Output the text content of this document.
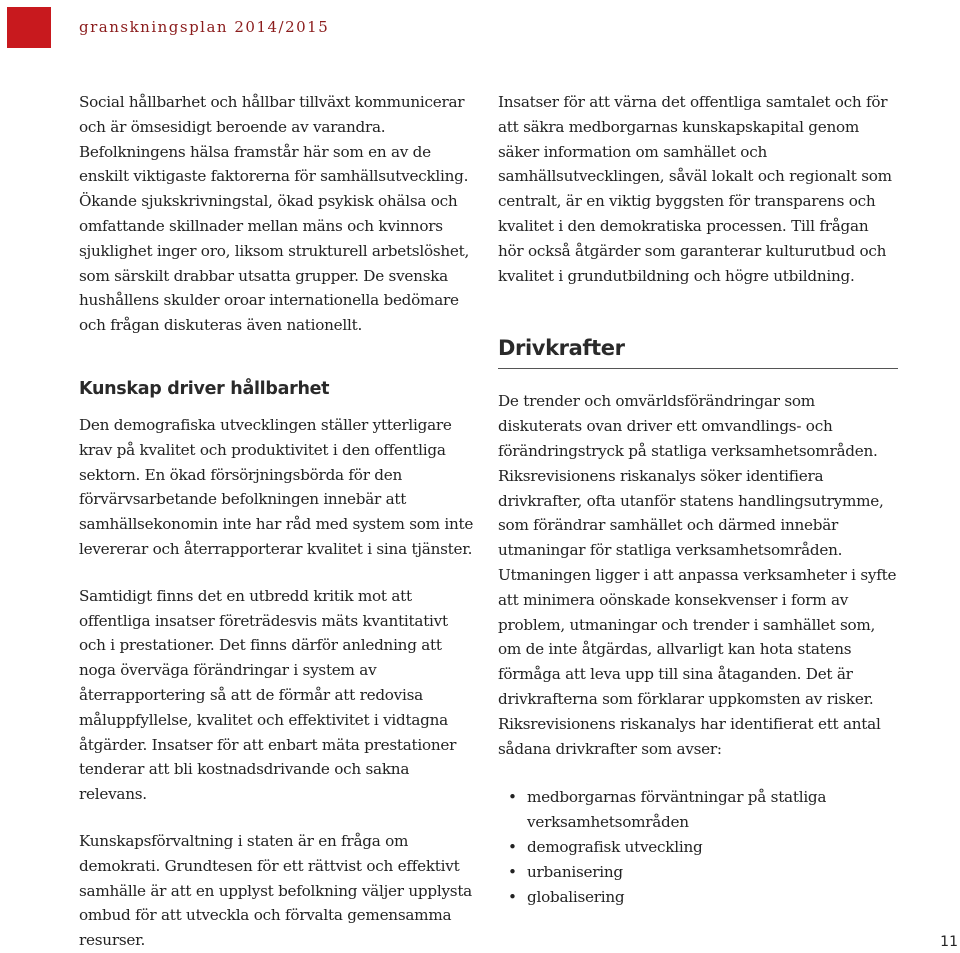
granskningsplan 2014/2015

Social hållbarhet och hållbar tillväxt kommunicerar och är ömsesidigt beroende av varandra. Befolkningens hälsa framstår här som en av de enskilt viktigaste faktorerna för samhällsutveckling. Ökande sjukskrivningstal, ökad psykisk ohälsa och omfattande skillnader mellan mäns och kvinnors sjuklighet inger oro, liksom strukturell arbetslöshet, som särskilt drabbar utsatta grupper. De svenska hushållens skulder oroar internationella bedömare och frågan diskuteras även nationellt.

Kunskap driver hållbarhet

Den demografiska utvecklingen ställer ytterligare krav på kvalitet och produktivitet i den offentliga sektorn. En ökad försörjningsbörda för den förvärvsarbetande befolkningen innebär att samhällsekonomin inte har råd med system som inte levererar och återrapporterar kvalitet i sina tjänster.

Samtidigt finns det en utbredd kritik mot att offentliga insatser företrädesvis mäts kvantitativt och i prestationer. Det finns därför anledning att noga överväga förändringar i system av återrapportering så att de förmår att redovisa måluppfyllelse, kvalitet och effektivitet i vidtagna åtgärder. Insatser för att enbart mäta prestationer tenderar att bli kostnadsdrivande och sakna relevans.

Kunskapsförvaltning i staten är en fråga om demokrati. Grundtesen för ett rättvist och effektivt samhälle är att en upplyst befolkning väljer upplysta ombud för att utveckla och förvalta gemensamma resurser.

Insatser för att värna det offentliga samtalet och för att säkra medborgarnas kunskapskapital genom säker information om samhället och samhällsutvecklingen, såväl lokalt och regionalt som centralt, är en viktig byggsten för transparens och kvalitet i den demokratiska processen. Till frågan hör också åtgärder som garanterar kulturutbud och kvalitet i grundutbildning och högre utbildning.

Drivkrafter

De trender och omvärldsförändringar som diskuterats ovan driver ett omvandlings- och förändringstryck på statliga verksamhetsområden. Riksrevisionens riskanalys söker identifiera drivkrafter, ofta utanför statens handlingsutrymme, som förändrar samhället och därmed innebär utmaningar för statliga verksamhetsområden. Utmaningen ligger i att anpassa verksamheter i syfte att minimera oönskade konsekvenser i form av problem, utmaningar och trender i samhället som, om de inte åtgärdas, allvarligt kan hota statens förmåga att leva upp till sina åtaganden. Det är drivkrafterna som förklarar uppkomsten av risker. Riksrevisionens riskanalys har identifierat ett antal sådana drivkrafter som avser:

• medborgarnas förväntningar på statliga verksamhetsområden
• demografisk utveckling
• urbanisering
• globalisering
11
